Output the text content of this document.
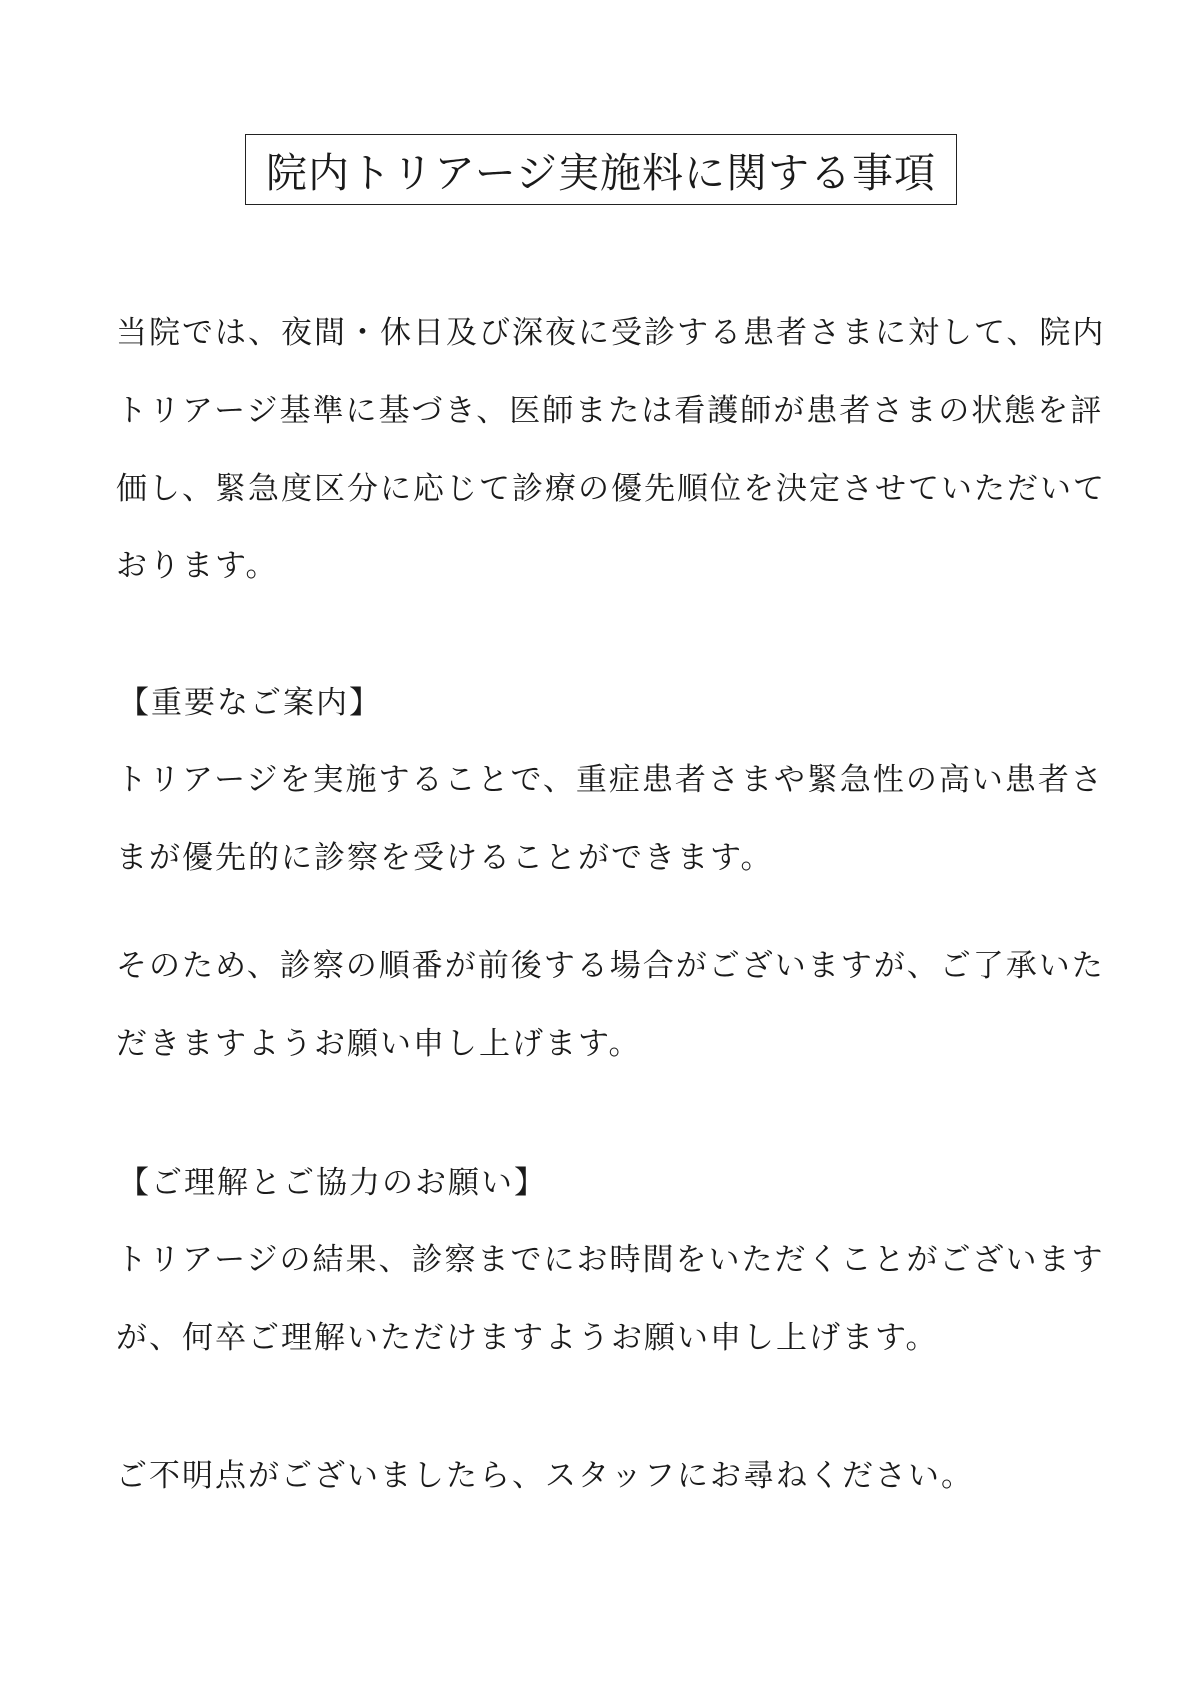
院内トリアージ実施料に関する事項
当院では、夜間・休日及び深夜に受診する患者さまに対して、院内
トリアージ基準に基づき、医師または看護師が患者さまの状態を評
価し、緊急度区分に応じて診療の優先順位を決定させていただいて
おります。
【重要なご案内】
トリアージを実施することで、重症患者さまや緊急性の高い患者さ
まが優先的に診察を受けることができます。
そのため、診察の順番が前後する場合がございますが、ご了承いた
だきますようお願い申し上げます。
【ご理解とご協力のお願い】
トリアージの結果、診察までにお時間をいただくことがございます
が、何卒ご理解いただけますようお願い申し上げます。
ご不明点がございましたら、スタッフにお尋ねください。
